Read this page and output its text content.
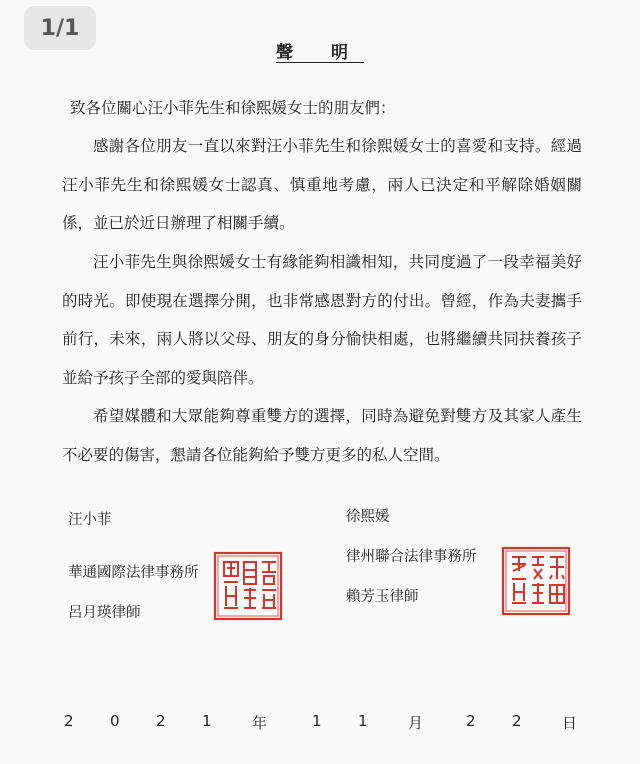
1/1
聲 明
致各位關心汪小菲先生和徐熙媛女士的朋友們：
感謝各位朋友一直以來對汪小菲先生和徐熙媛女士的喜愛和支持。經過汪小菲先生和徐熙媛女士認真、慎重地考慮，兩人已決定和平解除婚姻關係，並已於近日辦理了相關手續。
汪小菲先生與徐熙媛女士有緣能夠相識相知，共同度過了一段幸福美好的時光。即使現在選擇分開，也非常感恩對方的付出。曾經，作為夫妻攜手前行，未來，兩人將以父母、朋友的身分愉快相處，也將繼續共同扶養孩子並給予孩子全部的愛與陪伴。
希望媒體和大眾能夠尊重雙方的選擇，同時為避免對雙方及其家人產生不必要的傷害，懇請各位能夠給予雙方更多的私人空間。
汪小菲
華通國際法律事務所
呂月瑛律師
徐熙媛
律州聯合法律事務所
賴芳玉律師
2 0 2 1	年	1 1	月	2 2	日
